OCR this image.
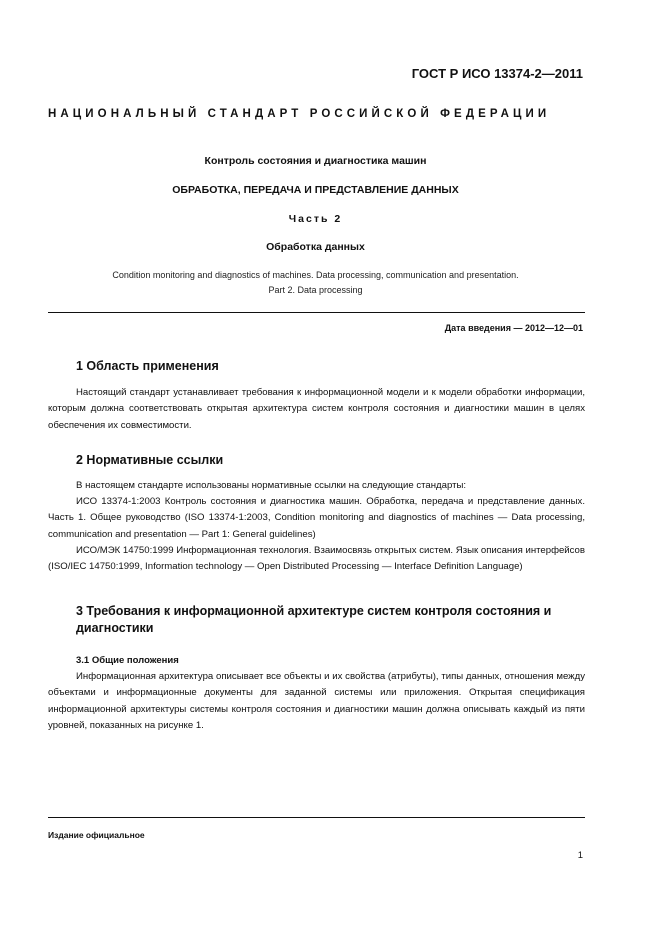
ГОСТ Р ИСО 13374-2—2011
НАЦИОНАЛЬНЫЙ СТАНДАРТ РОССИЙСКОЙ ФЕДЕРАЦИИ
Контроль состояния и диагностика машин
ОБРАБОТКА, ПЕРЕДАЧА И ПРЕДСТАВЛЕНИЕ ДАННЫХ
Часть 2
Обработка данных
Condition monitoring and diagnostics of machines. Data processing, communication and presentation.
Part 2. Data processing
Дата введения — 2012—12—01
1 Область применения
Настоящий стандарт устанавливает требования к информационной модели и к модели обработки информации, которым должна соответствовать открытая архитектура систем контроля состояния и диагностики машин в целях обеспечения их совместимости.
2 Нормативные ссылки
В настоящем стандарте использованы нормативные ссылки на следующие стандарты:
ИСО 13374-1:2003 Контроль состояния и диагностика машин. Обработка, передача и представление данных. Часть 1. Общее руководство (ISO 13374-1:2003, Condition monitoring and diagnostics of machines — Data processing, communication and presentation — Part 1: General guidelines)
ИСО/МЭК 14750:1999 Информационная технология. Взаимосвязь открытых систем. Язык описания интерфейсов (ISO/IEC 14750:1999, Information technology — Open Distributed Processing — Interface Definition Language)
3 Требования к информационной архитектуре систем контроля состояния и диагностики
3.1 Общие положения
Информационная архитектура описывает все объекты и их свойства (атрибуты), типы данных, отношения между объектами и информационные документы для заданной системы или приложения. Открытая спецификация информационной архитектуры системы контроля состояния и диагностики машин должна описывать каждый из пяти уровней, показанных на рисунке 1.
Издание официальное
1
